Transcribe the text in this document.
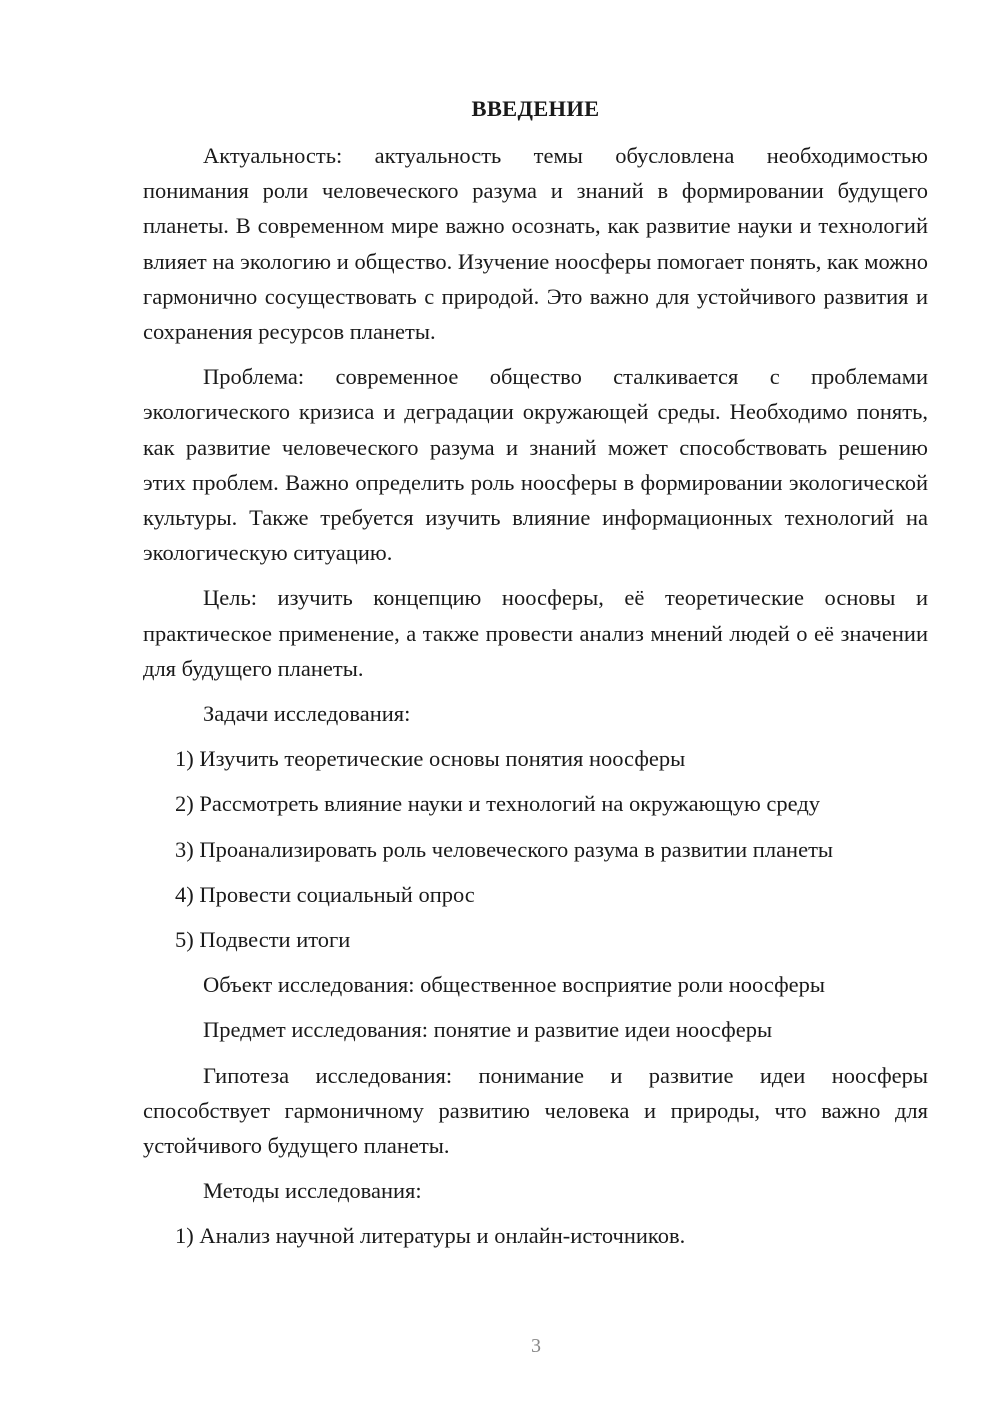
ВВЕДЕНИЕ

Актуальность: актуальность темы обусловлена необходимостью понимания роли человеческого разума и знаний в формировании будущего планеты. В современном мире важно осознать, как развитие науки и технологий влияет на экологию и общество. Изучение ноосферы помогает понять, как можно гармонично сосуществовать с природой. Это важно для устойчивого развития и сохранения ресурсов планеты.

Проблема: современное общество сталкивается с проблемами экологического кризиса и деградации окружающей среды. Необходимо понять, как развитие человеческого разума и знаний может способствовать решению этих проблем. Важно определить роль ноосферы в формировании экологической культуры. Также требуется изучить влияние информационных технологий на экологическую ситуацию.

Цель: изучить концепцию ноосферы, её теоретические основы и практическое применение, а также провести анализ мнений людей о её значении для будущего планеты.

Задачи исследования:

1) Изучить теоретические основы понятия ноосферы

2) Рассмотреть влияние науки и технологий на окружающую среду

3) Проанализировать роль человеческого разума в развитии планеты

4) Провести социальный опрос

5) Подвести итоги

Объект исследования: общественное восприятие роли ноосферы

Предмет исследования: понятие и развитие идеи ноосферы

Гипотеза исследования: понимание и развитие идеи ноосферы способствует гармоничному развитию человека и природы, что важно для устойчивого будущего планеты.

Методы исследования:

1) Анализ научной литературы и онлайн-источников.

3
